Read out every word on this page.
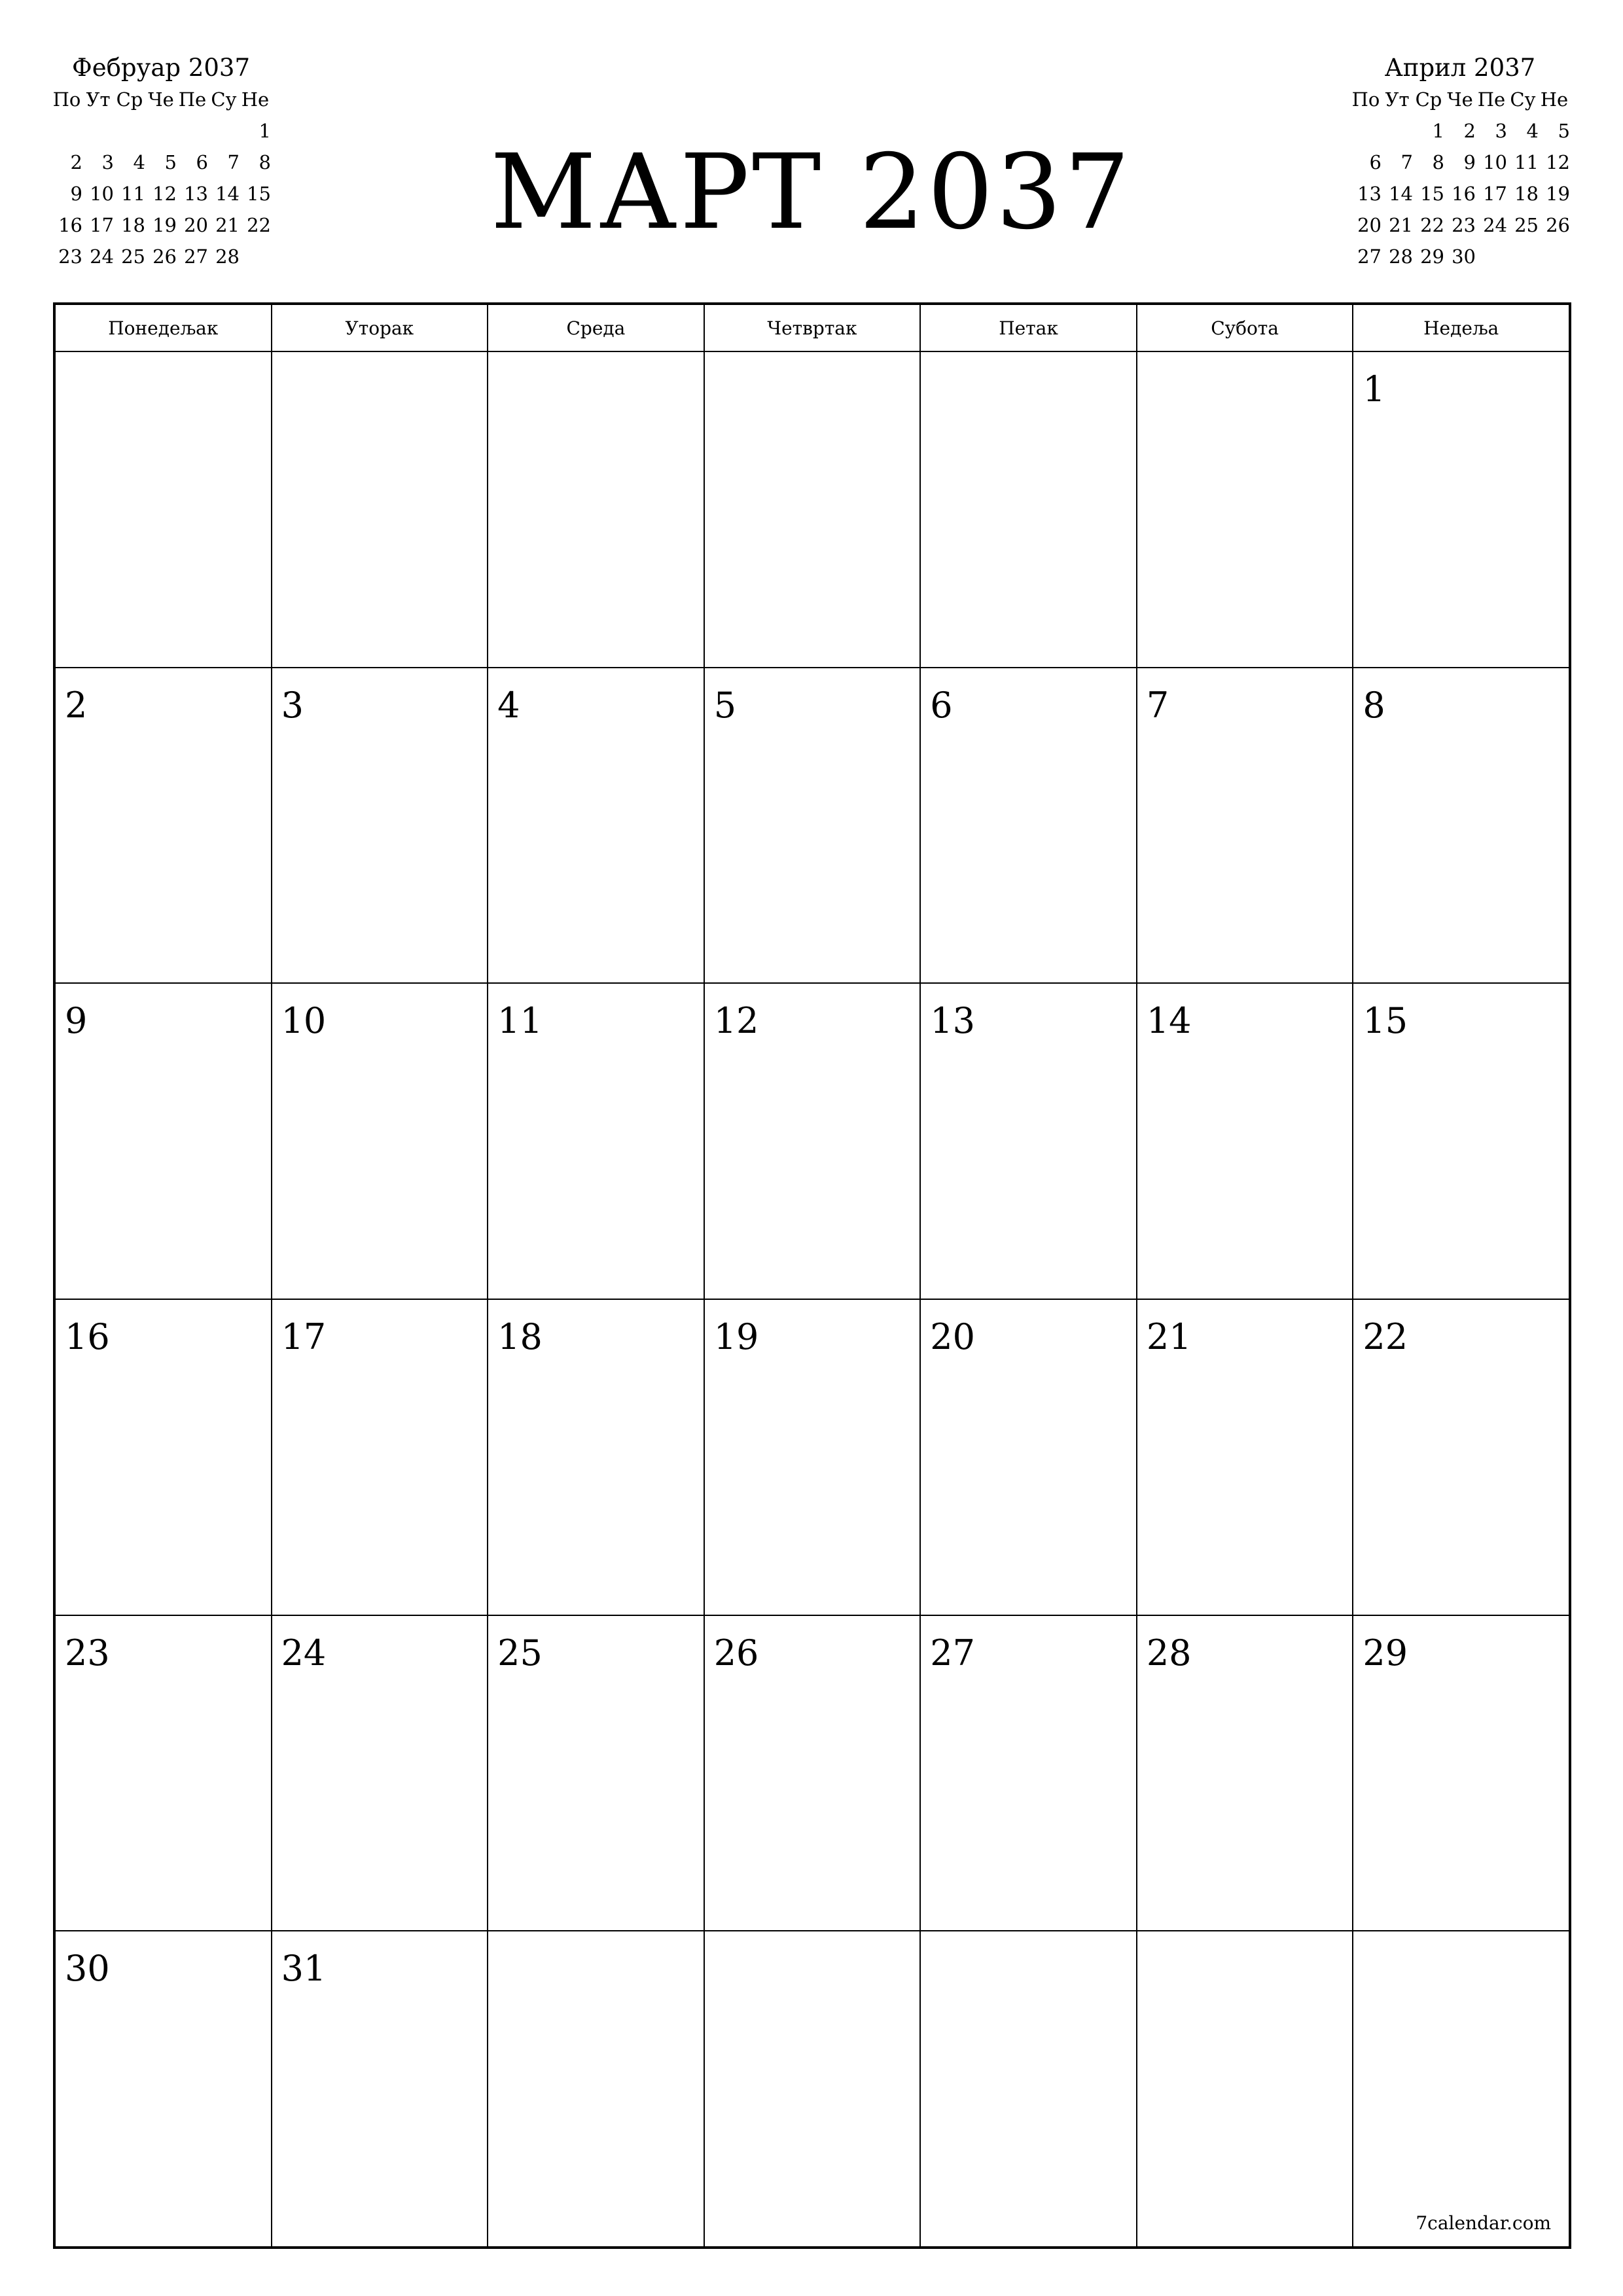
Фебруар 2037
По	Ут	Ср	Че	Пе	Су	Не
						1
2	3	4	5	6	7	8
9	10	11	12	13	14	15
16	17	18	19	20	21	22
23	24	25	26	27	28	
МАРТ 2037
Април 2037
По	Ут	Ср	Че	Пе	Су	Не
		1	2	3	4	5
6	7	8	9	10	11	12
13	14	15	16	17	18	19
20	21	22	23	24	25	26
27	28	29	30			
Понедељак	Уторак	Среда	Четвртак	Петак	Субота	Недеља

						1

2	3	4	5	6	7	8

9	10	11	12	13	14	15

16	17	18	19	20	21	22

23	24	25	26	27	28	29

30	31					

7calendar.com
